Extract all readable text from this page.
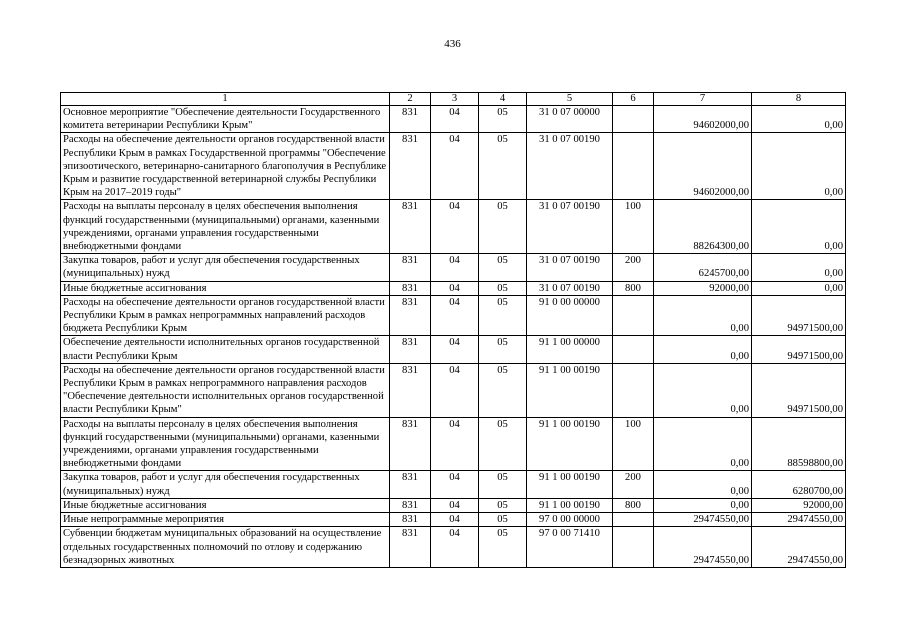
436
1	2	3	4	5	6	7	8
Основное мероприятие "Обеспечение деятельности Государственного комитета ветеринарии Республики Крым"	831	04	05	31 0 07 00000		94602000,00	0,00
Расходы на обеспечение деятельности органов государственной власти Республики Крым в рамках Государственной программы "Обеспечение эпизоотического, ветеринарно-санитарного благополучия в Республике Крым и развитие государственной ветеринарной службы Республики Крым на 2017–2019 годы"	831	04	05	31 0 07 00190		94602000,00	0,00
Расходы на выплаты персоналу в целях обеспечения выполнения функций государственными (муниципальными) органами, казенными учреждениями, органами управления государственными внебюджетными фондами	831	04	05	31 0 07 00190	100	88264300,00	0,00
Закупка товаров, работ и услуг для обеспечения государственных (муниципальных) нужд	831	04	05	31 0 07 00190	200	6245700,00	0,00
Иные бюджетные ассигнования	831	04	05	31 0 07 00190	800	92000,00	0,00
Расходы на обеспечение деятельности органов государственной власти Республики Крым в рамках непрограммных направлений расходов бюджета Республики Крым	831	04	05	91 0 00 00000		0,00	94971500,00
Обеспечение деятельности исполнительных органов государственной власти Республики Крым	831	04	05	91 1 00 00000		0,00	94971500,00
Расходы на обеспечение деятельности органов государственной власти Республики Крым в рамках непрограммного направления расходов "Обеспечение деятельности исполнительных органов государственной власти Республики Крым"	831	04	05	91 1 00 00190		0,00	94971500,00
Расходы на выплаты персоналу в целях обеспечения выполнения функций государственными (муниципальными) органами, казенными учреждениями, органами управления государственными внебюджетными фондами	831	04	05	91 1 00 00190	100	0,00	88598800,00
Закупка товаров, работ и услуг для обеспечения государственных (муниципальных) нужд	831	04	05	91 1 00 00190	200	0,00	6280700,00
Иные бюджетные ассигнования	831	04	05	91 1 00 00190	800	0,00	92000,00
Иные непрограммные мероприятия	831	04	05	97 0 00 00000		29474550,00	29474550,00
Субвенции бюджетам муниципальных образований на осуществление отдельных государственных полномочий по отлову и содержанию безнадзорных животных	831	04	05	97 0 00 71410		29474550,00	29474550,00
